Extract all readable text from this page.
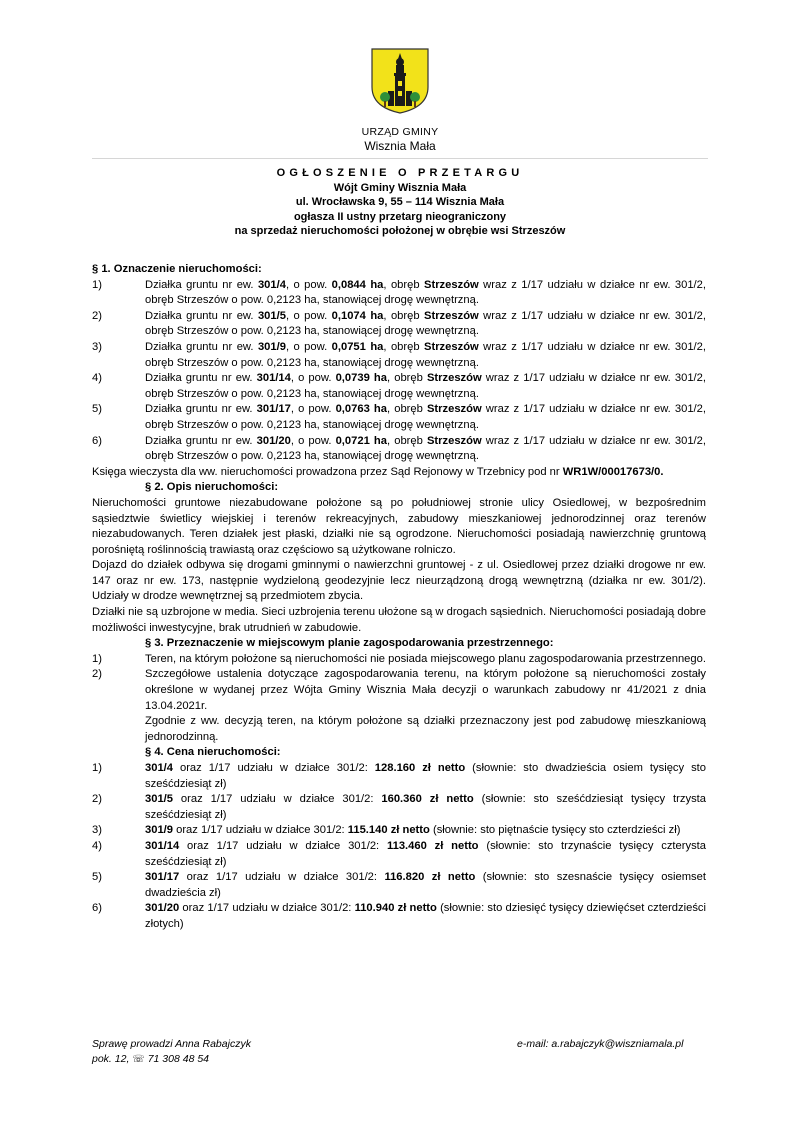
URZĄD GMINY
Wisznia Mała
OGŁOSZENIE O PRZETARGU
Wójt Gminy Wisznia Mała
ul. Wrocławska 9, 55 – 114 Wisznia Mała
ogłasza II ustny przetarg nieograniczony
na sprzedaż nieruchomości położonej w obrębie wsi Strzeszów

§ 1. Oznaczenie nieruchomości:

1)	Działka gruntu nr ew. 301/4, o pow. 0,0844 ha, obręb Strzeszów wraz z 1/17 udziału w działce nr ew. 301/2, obręb Strzeszów o pow. 0,2123 ha, stanowiącej drogę wewnętrzną.
2)	Działka gruntu nr ew. 301/5, o pow. 0,1074 ha, obręb Strzeszów wraz z 1/17 udziału w działce nr ew. 301/2, obręb Strzeszów o pow. 0,2123 ha, stanowiącej drogę wewnętrzną.
3)	Działka gruntu nr ew. 301/9, o pow. 0,0751 ha, obręb Strzeszów wraz z 1/17 udziału w działce nr ew. 301/2, obręb Strzeszów o pow. 0,2123 ha, stanowiącej drogę wewnętrzną.
4)	Działka gruntu nr ew. 301/14, o pow. 0,0739 ha, obręb Strzeszów wraz z 1/17 udziału w działce nr ew. 301/2, obręb Strzeszów o pow. 0,2123 ha, stanowiącej drogę wewnętrzną.
5)	Działka gruntu nr ew. 301/17, o pow. 0,0763 ha, obręb Strzeszów wraz z 1/17 udziału w działce nr ew. 301/2, obręb Strzeszów o pow. 0,2123 ha, stanowiącej drogę wewnętrzną.
6)	Działka gruntu nr ew. 301/20, o pow. 0,0721 ha, obręb Strzeszów wraz z 1/17 udziału w działce nr ew. 301/2, obręb Strzeszów o pow. 0,2123 ha, stanowiącej drogę wewnętrzną.

Księga wieczysta dla ww. nieruchomości prowadzona przez Sąd Rejonowy w Trzebnicy pod nr WR1W/00017673/0.

§ 2. Opis nieruchomości:

Nieruchomości gruntowe niezabudowane położone są po południowej stronie ulicy Osiedlowej, w bezpośrednim sąsiedztwie świetlicy wiejskiej i terenów rekreacyjnych, zabudowy mieszkaniowej jednorodzinnej oraz terenów niezabudowanych. Teren działek jest płaski, działki nie są ogrodzone. Nieruchomości posiadają nawierzchnię gruntową porośniętą roślinnością trawiastą oraz częściowo są użytkowane rolniczo.

Dojazd do działek odbywa się drogami gminnymi o nawierzchni gruntowej - z ul. Osiedlowej przez działki drogowe nr ew. 147 oraz nr ew. 173, następnie wydzieloną geodezyjnie lecz nieurządzoną drogą wewnętrzną (działka nr ew. 301/2). Udziały w drodze wewnętrznej są przedmiotem zbycia.

Działki nie są uzbrojone w media. Sieci uzbrojenia terenu ułożone są w drogach sąsiednich. Nieruchomości posiadają dobre możliwości inwestycyjne, brak utrudnień w zabudowie.

§ 3. Przeznaczenie w miejscowym planie zagospodarowania przestrzennego:

1)	Teren, na którym położone są nieruchomości nie posiada miejscowego planu zagospodarowania przestrzennego.
2)	Szczegółowe ustalenia dotyczące zagospodarowania terenu, na którym położone są nieruchomości zostały określone w wydanej przez Wójta Gminy Wisznia Mała decyzji o warunkach zabudowy nr 41/2021 z dnia 13.04.2021r.

Zgodnie z ww. decyzją teren, na którym położone są działki przeznaczony jest pod zabudowę mieszkaniową jednorodzinną.

§ 4. Cena nieruchomości:

1)	301/4 oraz 1/17 udziału w działce 301/2: 128.160 zł netto (słownie: sto dwadzieścia osiem tysięcy sto sześćdziesiąt zł)
2)	301/5 oraz 1/17 udziału w działce 301/2: 160.360 zł netto (słownie: sto sześćdziesiąt tysięcy trzysta sześćdziesiąt zł)
3)	301/9 oraz 1/17 udziału w działce 301/2: 115.140 zł netto (słownie: sto piętnaście tysięcy sto czterdzieści zł)
4)	301/14 oraz 1/17 udziału w działce 301/2: 113.460 zł netto (słownie: sto trzynaście tysięcy czterysta sześćdziesiąt zł)
5)	301/17 oraz 1/17 udziału w działce 301/2: 116.820 zł netto (słownie: sto szesnaście tysięcy osiemset dwadzieścia zł)
6)	301/20 oraz 1/17 udziału w działce 301/2: 110.940 zł netto (słownie: sto dziesięć tysięcy dziewięćset czterdzieści złotych)
Sprawę prowadzi Anna Rabajczyk
pok. 12, ☏ 71 308 48 54
e-mail: a.rabajczyk@wiszniamala.pl
